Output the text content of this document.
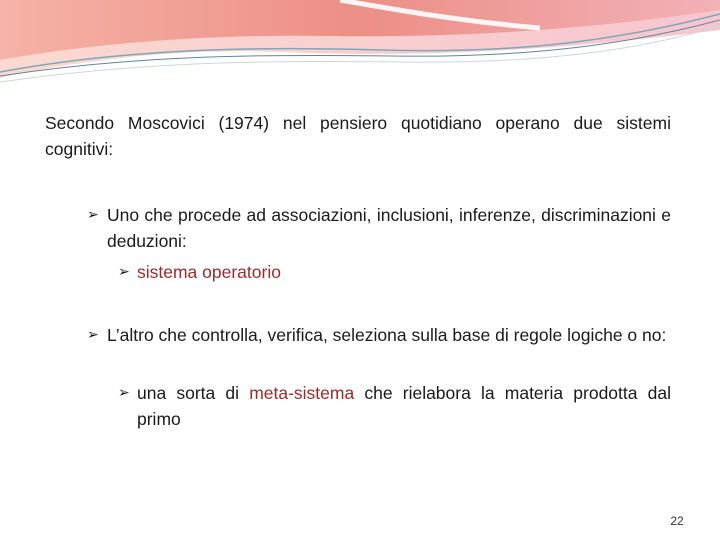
Secondo Moscovici (1974) nel pensiero quotidiano operano due sistemi cognitivi:
➢ Uno che procede ad associazioni, inclusioni, inferenze, discriminazioni e deduzioni:
➢ sistema operatorio
➢ L’altro che controlla, verifica, seleziona sulla base di regole logiche o no:
➢ una sorta di meta-sistema che rielabora la materia prodotta dal primo
22
